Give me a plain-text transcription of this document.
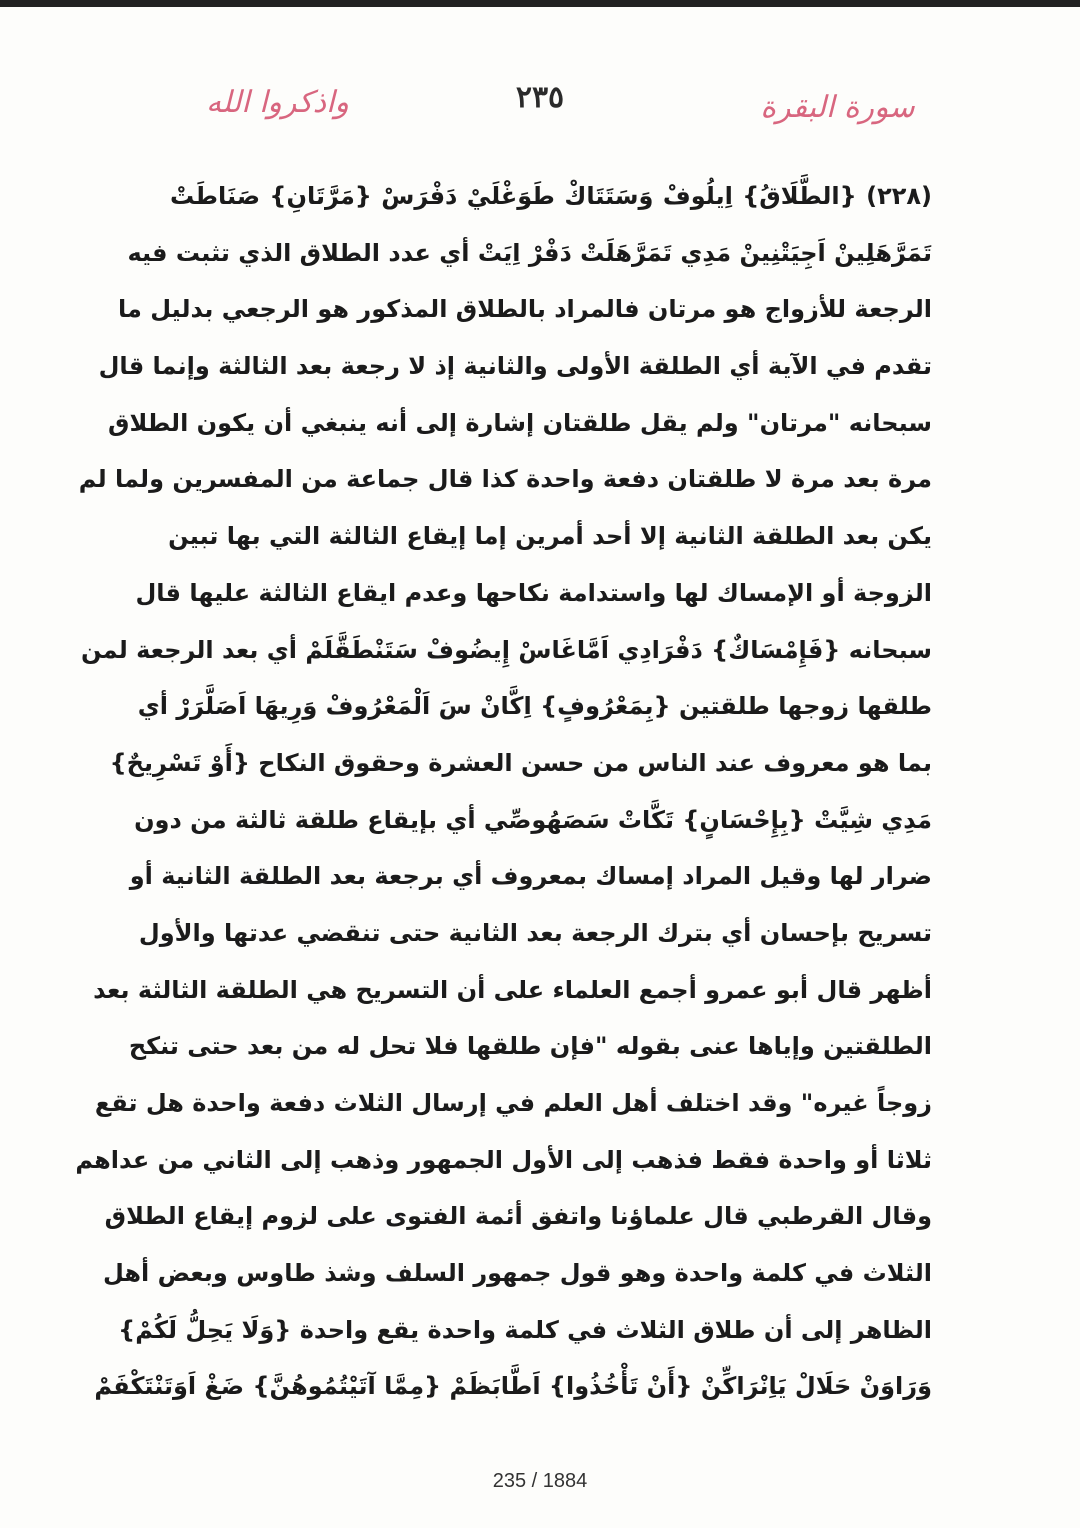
سورة البقرة
٢٣٥
واذكروا الله
(٢٢٨) {الطَّلَاقُ} اِيلُوفْ وَسَتَتَاكْ طَوَغْلَيْ دَفْرَسْ {مَرَّتَانِ} صَنَاطَتْ
تَمَرَّهَلِينْ اَجِيَتْنِينْ مَدِي تَمَرَّهَلَتْ دَفْرْ اِيَتْ أي عدد الطلاق الذي تثبت فيه
الرجعة للأزواج هو مرتان فالمراد بالطلاق المذكور هو الرجعي بدليل ما
تقدم في الآية أي الطلقة الأولى والثانية إذ لا رجعة بعد الثالثة وإنما قال
سبحانه "مرتان" ولم يقل طلقتان إشارة إلى أنه ينبغي أن يكون الطلاق
مرة بعد مرة لا طلقتان دفعة واحدة كذا قال جماعة من المفسرين ولما لم
يكن بعد الطلقة الثانية إلا أحد أمرين إما إيقاع الثالثة التي بها تبين
الزوجة أو الإمساك لها واستدامة نكاحها وعدم ايقاع الثالثة عليها قال
سبحانه {فَإِمْسَاكٌ} دَفْرَادِي اَمَّاغَاسْ إِيضُوفْ سَتَنْطَقَّلَمْ أي بعد الرجعة لمن
طلقها زوجها طلقتين {بِمَعْرُوفٍ} اِكَّانْ سَ اَلْمَعْرُوفْ وَرِيهَا اَصَلَّرَرْ أي
بما هو معروف عند الناس من حسن العشرة وحقوق النكاح {أَوْ تَسْرِيحٌ}
مَدِي شِيَّتْ {بِإِحْسَانٍ} تَكَّاتْ سَصَهُوصِّي أي بإيقاع طلقة ثالثة من دون
ضرار لها وقيل المراد إمساك بمعروف أي برجعة بعد الطلقة الثانية أو
تسريح بإحسان أي بترك الرجعة بعد الثانية حتى تنقضي عدتها والأول
أظهر قال أبو عمرو أجمع العلماء على أن التسريح هي الطلقة الثالثة بعد
الطلقتين وإياها عنى بقوله "فإن طلقها فلا تحل له من بعد حتى تنكح
زوجاً غيره" وقد اختلف أهل العلم في إرسال الثلاث دفعة واحدة هل تقع
ثلاثا أو واحدة فقط فذهب إلى الأول الجمهور وذهب إلى الثاني من عداهم
وقال القرطبي قال علماؤنا واتفق أئمة الفتوى على لزوم إيقاع الطلاق
الثلاث في كلمة واحدة وهو قول جمهور السلف وشذ طاوس وبعض أهل
الظاهر إلى أن طلاق الثلاث في كلمة واحدة يقع واحدة {وَلَا يَحِلُّ لَكُمْ}
وَرَاوَنْ حَلَالْ يَاِنْرَاكِّنْ {أَنْ تَأْخُذُوا} اَطَّابَظَمْ {مِمَّا آتَيْتُمُوهُنَّ} ضَغْ اَوَتَنْتَكْفَمْ
235 / 1884
